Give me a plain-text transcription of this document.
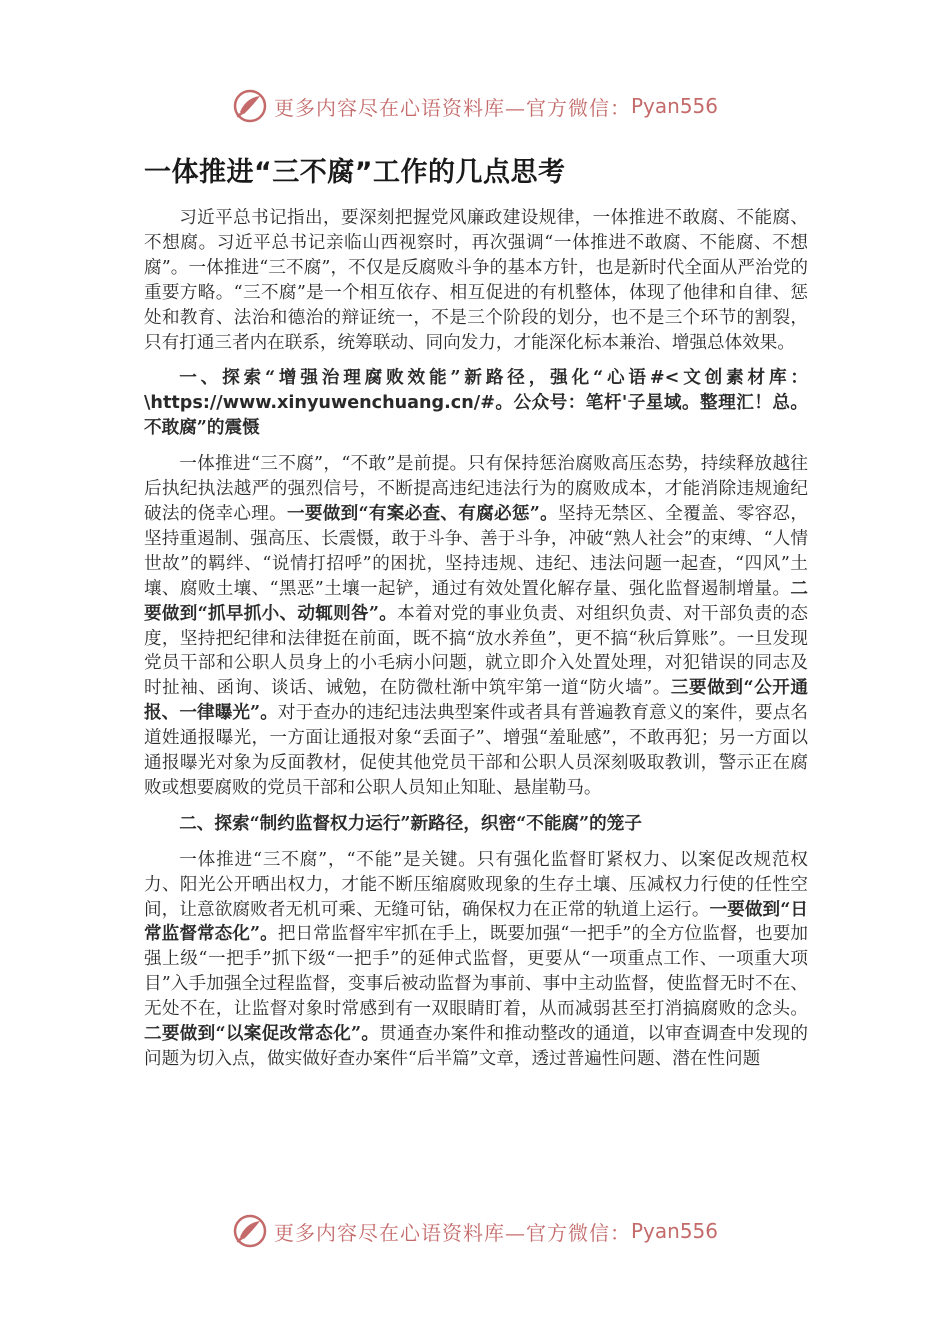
更多内容尽在心语资料库—官方微信： Pyan556
一体推进“三不腐”工作的几点思考

习近平总书记指出，要深刻把握党风廉政建设规律，一体推进不敢腐、不能腐、不想腐。习近平总书记亲临山西视察时，再次强调“一体推进不敢腐、不能腐、不想腐”。一体推进“三不腐”，不仅是反腐败斗争的基本方针，也是新时代全面从严治党的重要方略。“三不腐”是一个相互依存、相互促进的有机整体，体现了他律和自律、惩处和教育、法治和德治的辩证统一，不是三个阶段的划分，也不是三个环节的割裂，只有打通三者内在联系，统筹联动、同向发力，才能深化标本兼治、增强总体效果。

一、探索“增强治理腐败效能”新路径，强化“心语#<文创素材库：\https://www.xinyuwenchuang.cn/#。公众号：笔杆'子星域。整理汇！总。不敢腐”的震慑

一体推进“三不腐”，“不敢”是前提。只有保持惩治腐败高压态势，持续释放越往后执纪执法越严的强烈信号，不断提高违纪违法行为的腐败成本，才能消除违规逾纪破法的侥幸心理。一要做到“有案必查、有腐必惩”。坚持无禁区、全覆盖、零容忍，坚持重遏制、强高压、长震慑，敢于斗争、善于斗争，冲破“熟人社会”的束缚、“人情世故”的羁绊、“说情打招呼”的困扰，坚持违规、违纪、违法问题一起查，“四风”土壤、腐败土壤、“黑恶”土壤一起铲，通过有效处置化解存量、强化监督遏制增量。二要做到“抓早抓小、动辄则咎”。本着对党的事业负责、对组织负责、对干部负责的态度，坚持把纪律和法律挺在前面，既不搞“放水养鱼”，更不搞“秋后算账”。一旦发现党员干部和公职人员身上的小毛病小问题，就立即介入处置处理，对犯错误的同志及时扯袖、函询、谈话、诫勉，在防微杜渐中筑牢第一道“防火墙”。三要做到“公开通报、一律曝光”。对于查办的违纪违法典型案件或者具有普遍教育意义的案件，要点名道姓通报曝光，一方面让通报对象“丢面子”、增强“羞耻感”，不敢再犯；另一方面以通报曝光对象为反面教材，促使其他党员干部和公职人员深刻吸取教训，警示正在腐败或想要腐败的党员干部和公职人员知止知耻、悬崖勒马。

二、探索“制约监督权力运行”新路径，织密“不能腐”的笼子

一体推进“三不腐”，“不能”是关键。只有强化监督盯紧权力、以案促改规范权力、阳光公开晒出权力，才能不断压缩腐败现象的生存土壤、压减权力行使的任性空间，让意欲腐败者无机可乘、无缝可钻，确保权力在正常的轨道上运行。一要做到“日常监督常态化”。把日常监督牢牢抓在手上，既要加强“一把手”的全方位监督，也要加强上级“一把手”抓下级“一把手”的延伸式监督，更要从“一项重点工作、一项重大项目”入手加强全过程监督，变事后被动监督为事前、事中主动监督，使监督无时不在、无处不在，让监督对象时常感到有一双眼睛盯着，从而减弱甚至打消搞腐败的念头。二要做到“以案促改常态化”。贯通查办案件和推动整改的通道，以审查调查中发现的问题为切入点，做实做好查办案件“后半篇”文章，透过普遍性问题、潜在性问题

更多内容尽在心语资料库—官方微信： Pyan556
